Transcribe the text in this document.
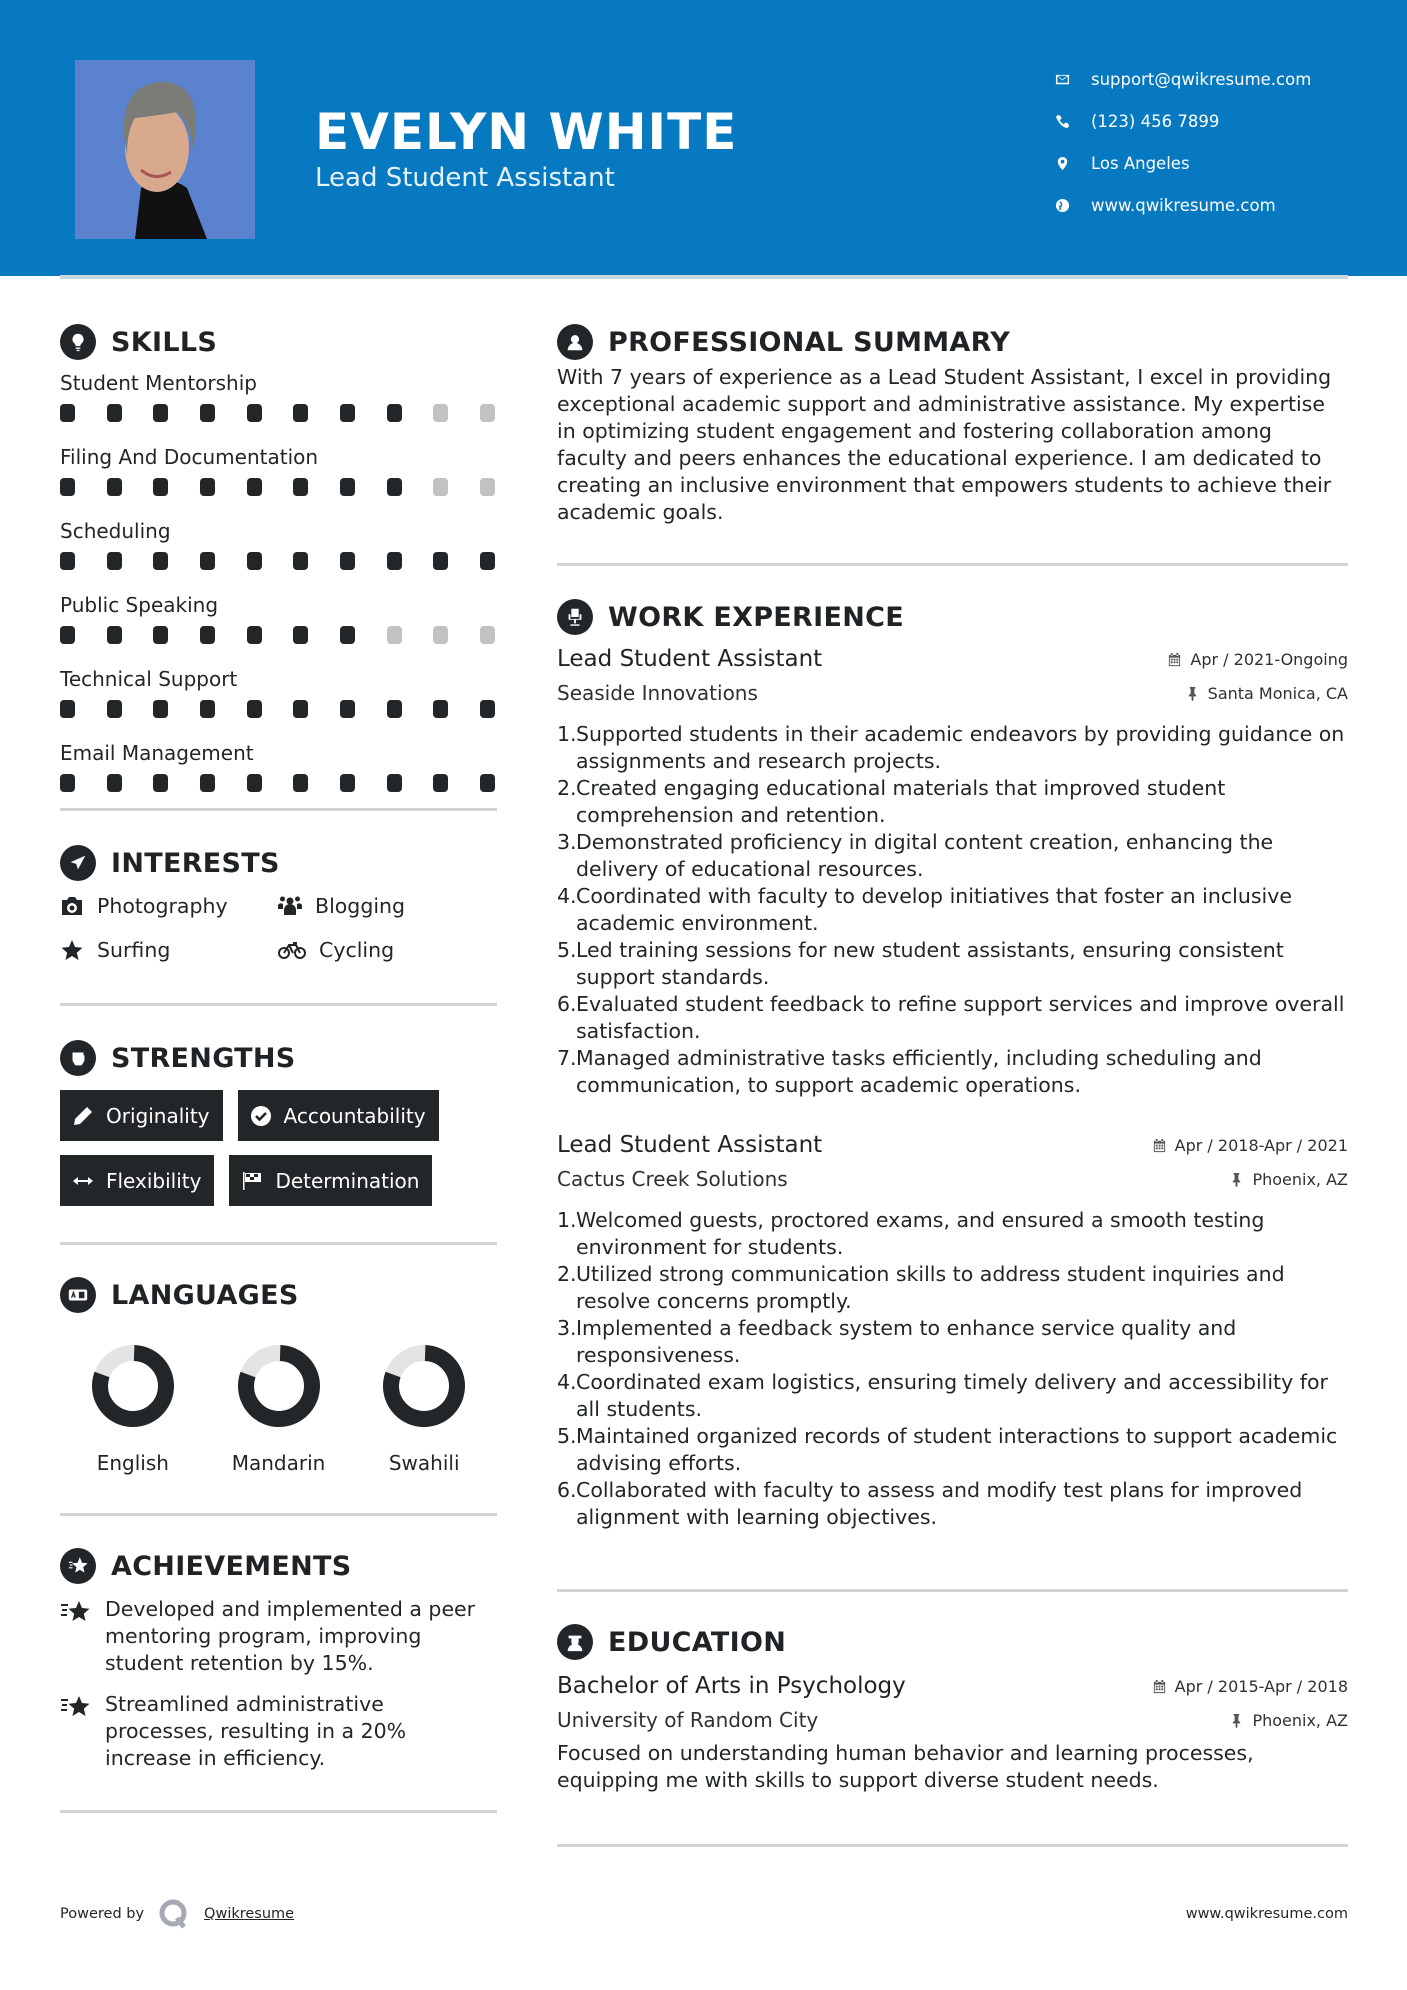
EVELYN WHITE
Lead Student Assistant
support@qwikresume.com
(123) 456 7899
Los Angeles
www.qwikresume.com
SKILLS
Student Mentorship
Filing And Documentation
Scheduling
Public Speaking
Technical Support
Email Management
INTERESTS
Photography	Blogging
Surfing	Cycling
STRENGTHS
Originality	Accountability
Flexibility	Determination
LANGUAGES
English	Mandarin	Swahili
ACHIEVEMENTS
Developed and implemented a peer mentoring program, improving student retention by 15%.
Streamlined administrative processes, resulting in a 20% increase in efficiency.
PROFESSIONAL SUMMARY

With 7 years of experience as a Lead Student Assistant, I excel in providing exceptional academic support and administrative assistance. My expertise in optimizing student engagement and fostering collaboration among faculty and peers enhances the educational experience. I am dedicated to creating an inclusive environment that empowers students to achieve their academic goals.

WORK EXPERIENCE
Lead Student Assistant	Apr / 2021-Ongoing
Seaside Innovations	Santa Monica, CA
1. Supported students in their academic endeavors by providing guidance on assignments and research projects.
2. Created engaging educational materials that improved student comprehension and retention.
3. Demonstrated proficiency in digital content creation, enhancing the delivery of educational resources.
4. Coordinated with faculty to develop initiatives that foster an inclusive academic environment.
5. Led training sessions for new student assistants, ensuring consistent support standards.
6. Evaluated student feedback to refine support services and improve overall satisfaction.
7. Managed administrative tasks efficiently, including scheduling and communication, to support academic operations.
Lead Student Assistant	Apr / 2018-Apr / 2021
Cactus Creek Solutions	Phoenix, AZ
1. Welcomed guests, proctored exams, and ensured a smooth testing environment for students.
2. Utilized strong communication skills to address student inquiries and resolve concerns promptly.
3. Implemented a feedback system to enhance service quality and responsiveness.
4. Coordinated exam logistics, ensuring timely delivery and accessibility for all students.
5. Maintained organized records of student interactions to support academic advising efforts.
6. Collaborated with faculty to assess and modify test plans for improved alignment with learning objectives.
EDUCATION
Bachelor of Arts in Psychology	Apr / 2015-Apr / 2018
University of Random City	Phoenix, AZ

Focused on understanding human behavior and learning processes, equipping me with skills to support diverse student needs.

Powered by	Qwikresume	www.qwikresume.com
